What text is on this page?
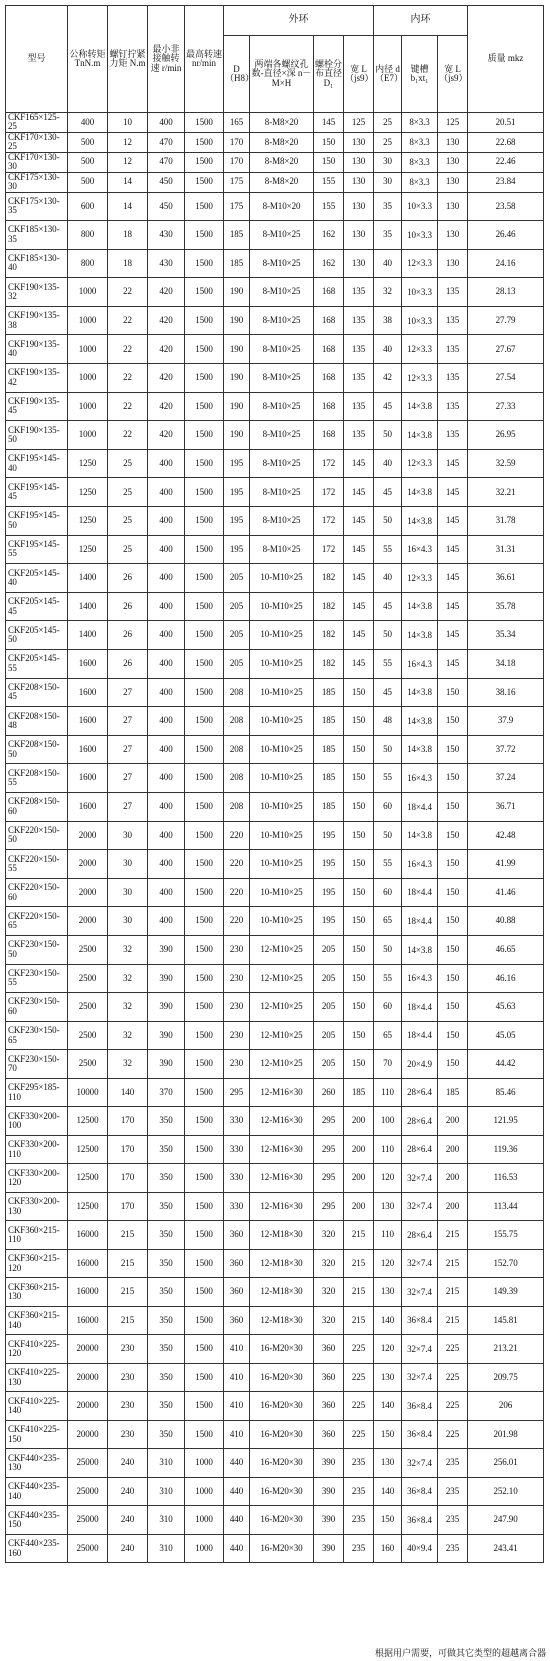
型号	公称转矩 TnN.m	螺钉拧紧力矩 N.m	最小非接触转速 r/min	最高转速 nr/min	外环				内环			质量 mkz
					D（H8）	两端各螺纹孔数-直径×深 n－M×H	螺栓分布直径 D₁	宽 L（js9）	内径 d（E7）	键槽 b₁xt₁	宽 L（js9）	
CKF165×125-25	400	10	400	1500	165	8-M8×20	145	125	25	8×3.3	125	20.51
CKF170×130-25	500	12	470	1500	170	8-M8×20	150	130	25	8×3.3	130	22.68
CKF170×130-30	500	12	470	1500	170	8-M8×20	150	130	30	8×3.3	130	22.46
CKF175×130-30	500	14	450	1500	175	8-M8×20	155	130	30	8×3.3	130	23.84
CKF175×130-35	600	14	450	1500	175	8-M10×20	155	130	35	10×3.3	130	23.58
CKF185×130-35	800	18	430	1500	185	8-M10×25	162	130	35	10×3.3	130	26.46
CKF185×130-40	800	18	430	1500	185	8-M10×25	162	130	40	12×3.3	130	24.16
CKF190×135-32	1000	22	420	1500	190	8-M10×25	168	135	32	10×3.3	135	28.13
CKF190×135-38	1000	22	420	1500	190	8-M10×25	168	135	38	10×3.3	135	27.79
CKF190×135-40	1000	22	420	1500	190	8-M10×25	168	135	40	12×3.3	135	27.67
CKF190×135-42	1000	22	420	1500	190	8-M10×25	168	135	42	12×3.3	135	27.54
CKF190×135-45	1000	22	420	1500	190	8-M10×25	168	135	45	14×3.8	135	27.33
CKF190×135-50	1000	22	420	1500	190	8-M10×25	168	135	50	14×3.8	135	26.95
CKF195×145-40	1250	25	400	1500	195	8-M10×25	172	145	40	12×3.3	145	32.59
CKF195×145-45	1250	25	400	1500	195	8-M10×25	172	145	45	14×3.8	145	32.21
CKF195×145-50	1250	25	400	1500	195	8-M10×25	172	145	50	14×3.8	145	31.78
CKF195×145-55	1250	25	400	1500	195	8-M10×25	172	145	55	16×4.3	145	31.31
CKF205×145-40	1400	26	400	1500	205	10-M10×25	182	145	40	12×3.3	145	36.61
CKF205×145-45	1400	26	400	1500	205	10-M10×25	182	145	45	14×3.8	145	35.78
CKF205×145-50	1400	26	400	1500	205	10-M10×25	182	145	50	14×3.8	145	35.34
CKF205×145-55	1600	26	400	1500	205	10-M10×25	182	145	55	16×4.3	145	34.18
CKF208×150-45	1600	27	400	1500	208	10-M10×25	185	150	45	14×3.8	150	38.16
CKF208×150-48	1600	27	400	1500	208	10-M10×25	185	150	48	14×3.8	150	37.9
CKF208×150-50	1600	27	400	1500	208	10-M10×25	185	150	50	14×3.8	150	37.72
CKF208×150-55	1600	27	400	1500	208	10-M10×25	185	150	55	16×4.3	150	37.24
CKF208×150-60	1600	27	400	1500	208	10-M10×25	185	150	60	18×4.4	150	36.71
CKF220×150-50	2000	30	400	1500	220	10-M10×25	195	150	50	14×3.8	150	42.48
CKF220×150-55	2000	30	400	1500	220	10-M10×25	195	150	55	16×4.3	150	41.99
CKF220×150-60	2000	30	400	1500	220	10-M10×25	195	150	60	18×4.4	150	41.46
CKF220×150-65	2000	30	400	1500	220	10-M10×25	195	150	65	18×4.4	150	40.88
CKF230×150-50	2500	32	390	1500	230	12-M10×25	205	150	50	14×3.8	150	46.65
CKF230×150-55	2500	32	390	1500	230	12-M10×25	205	150	55	16×4.3	150	46.16
CKF230×150-60	2500	32	390	1500	230	12-M10×25	205	150	60	18×4.4	150	45.63
CKF230×150-65	2500	32	390	1500	230	12-M10×25	205	150	65	18×4.4	150	45.05
CKF230×150-70	2500	32	390	1500	230	12-M10×25	205	150	70	20×4.9	150	44.42
CKF295×185-110	10000	140	370	1500	295	12-M16×30	260	185	110	28×6.4	185	85.46
CKF330×200-100	12500	170	350	1500	330	12-M16×30	295	200	100	28×6.4	200	121.95
CKF330×200-110	12500	170	350	1500	330	12-M16×30	295	200	110	28×6.4	200	119.36
CKF330×200-120	12500	170	350	1500	330	12-M16×30	295	200	120	32×7.4	200	116.53
CKF330×200-130	12500	170	350	1500	330	12-M16×30	295	200	130	32×7.4	200	113.44
CKF360×215-110	16000	215	350	1500	360	12-M18×30	320	215	110	28×6.4	215	155.75
CKF360×215-120	16000	215	350	1500	360	12-M18×30	320	215	120	32×7.4	215	152.70
CKF360×215-130	16000	215	350	1500	360	12-M18×30	320	215	130	32×7.4	215	149.39
CKF360×215-140	16000	215	350	1500	360	12-M18×30	320	215	140	36×8.4	215	145.81
CKF410×225-120	20000	230	350	1500	410	16-M20×30	360	225	120	32×7.4	225	213.21
CKF410×225-130	20000	230	350	1500	410	16-M20×30	360	225	130	32×7.4	225	209.75
CKF410×225-140	20000	230	350	1500	410	16-M20×30	360	225	140	36×8.4	225	206
CKF410×225-150	20000	230	350	1500	410	16-M20×30	360	225	150	36×8.4	225	201.98
CKF440×235-130	25000	240	310	1000	440	16-M20×30	390	235	130	32×7.4	235	256.01
CKF440×235-140	25000	240	310	1000	440	16-M20×30	390	235	140	36×8.4	235	252.10
CKF440×235-150	25000	240	310	1000	440	16-M20×30	390	235	150	36×8.4	235	247.90
CKF440×235-160	25000	240	310	1000	440	16-M20×30	390	235	160	40×9.4	235	243.41
根据用户需要，可做其它类型的超越离合器
